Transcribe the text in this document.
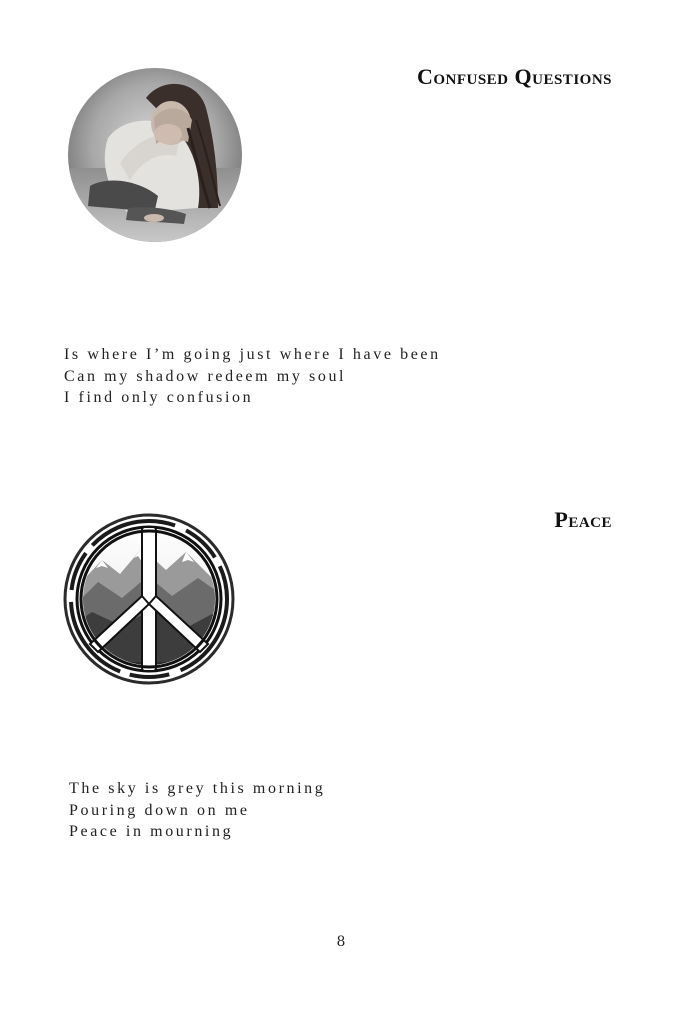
Confused Questions
Is where I’m going just where I have been
Can my shadow redeem my soul
I find only confusion
Peace
The sky is grey this morning
Pouring down on me
Peace in mourning
8
